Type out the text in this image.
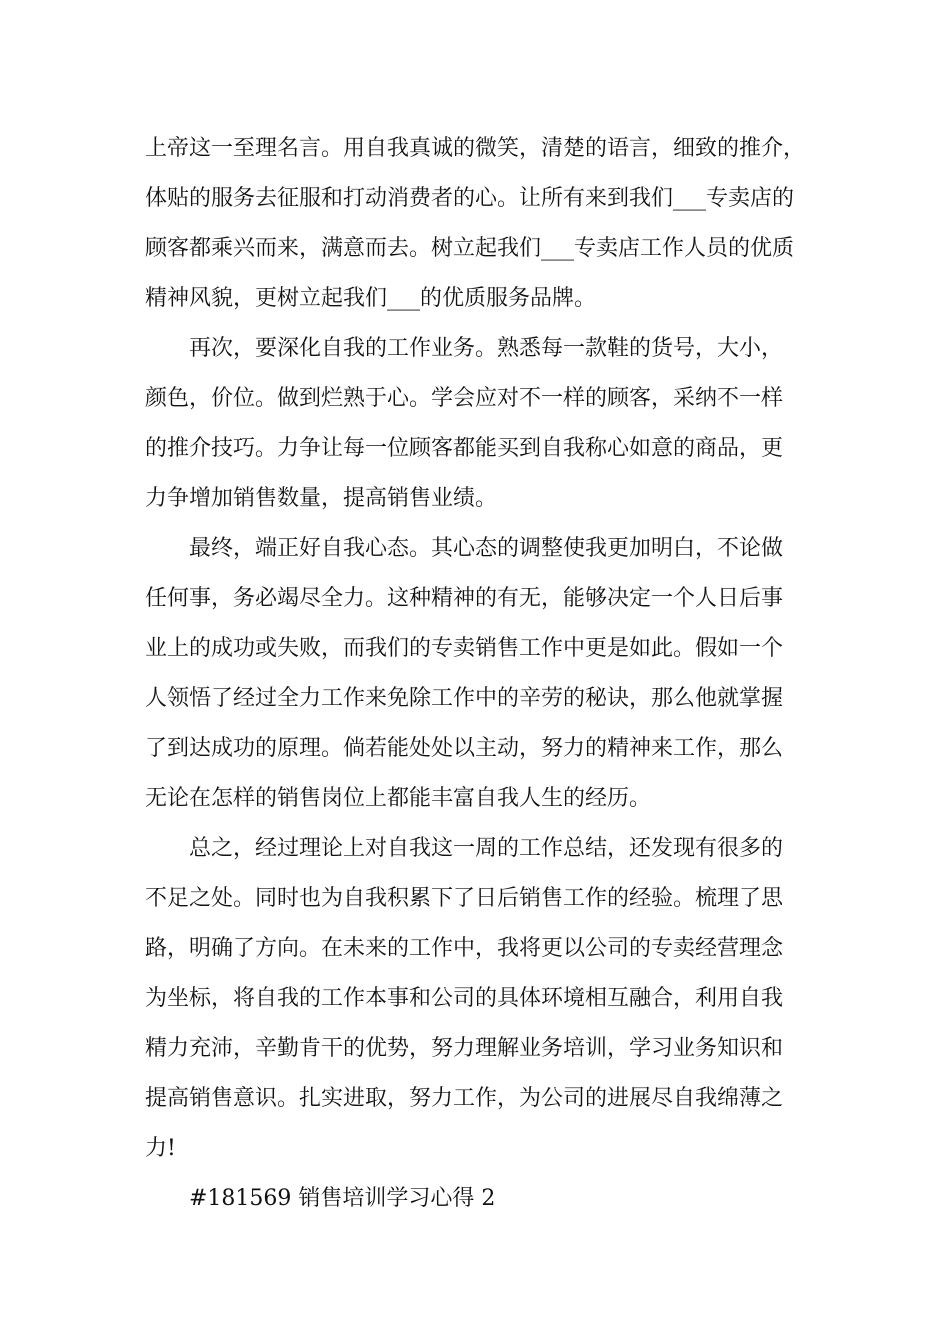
上帝这一至理名言。用自我真诚的微笑，清楚的语言，细致的推介，
体贴的服务去征服和打动消费者的心。让所有来到我们___专卖店的
顾客都乘兴而来，满意而去。树立起我们___专卖店工作人员的优质
精神风貌，更树立起我们___的优质服务品牌。

再次，要深化自我的工作业务。熟悉每一款鞋的货号，大小，
颜色，价位。做到烂熟于心。学会应对不一样的顾客，采纳不一样
的推介技巧。力争让每一位顾客都能买到自我称心如意的商品，更
力争增加销售数量，提高销售业绩。

最终，端正好自我心态。其心态的调整使我更加明白，不论做
任何事，务必竭尽全力。这种精神的有无，能够决定一个人日后事
业上的成功或失败，而我们的专卖销售工作中更是如此。假如一个
人领悟了经过全力工作来免除工作中的辛劳的秘诀，那么他就掌握
了到达成功的原理。倘若能处处以主动，努力的精神来工作，那么
无论在怎样的销售岗位上都能丰富自我人生的经历。

总之，经过理论上对自我这一周的工作总结，还发现有很多的
不足之处。同时也为自我积累下了日后销售工作的经验。梳理了思
路，明确了方向。在未来的工作中，我将更以公司的专卖经营理念
为坐标，将自我的工作本事和公司的具体环境相互融合，利用自我
精力充沛，辛勤肯干的优势，努力理解业务培训，学习业务知识和
提高销售意识。扎实进取，努力工作，为公司的进展尽自我绵薄之
力!

#181569 销售培训学习心得 2
